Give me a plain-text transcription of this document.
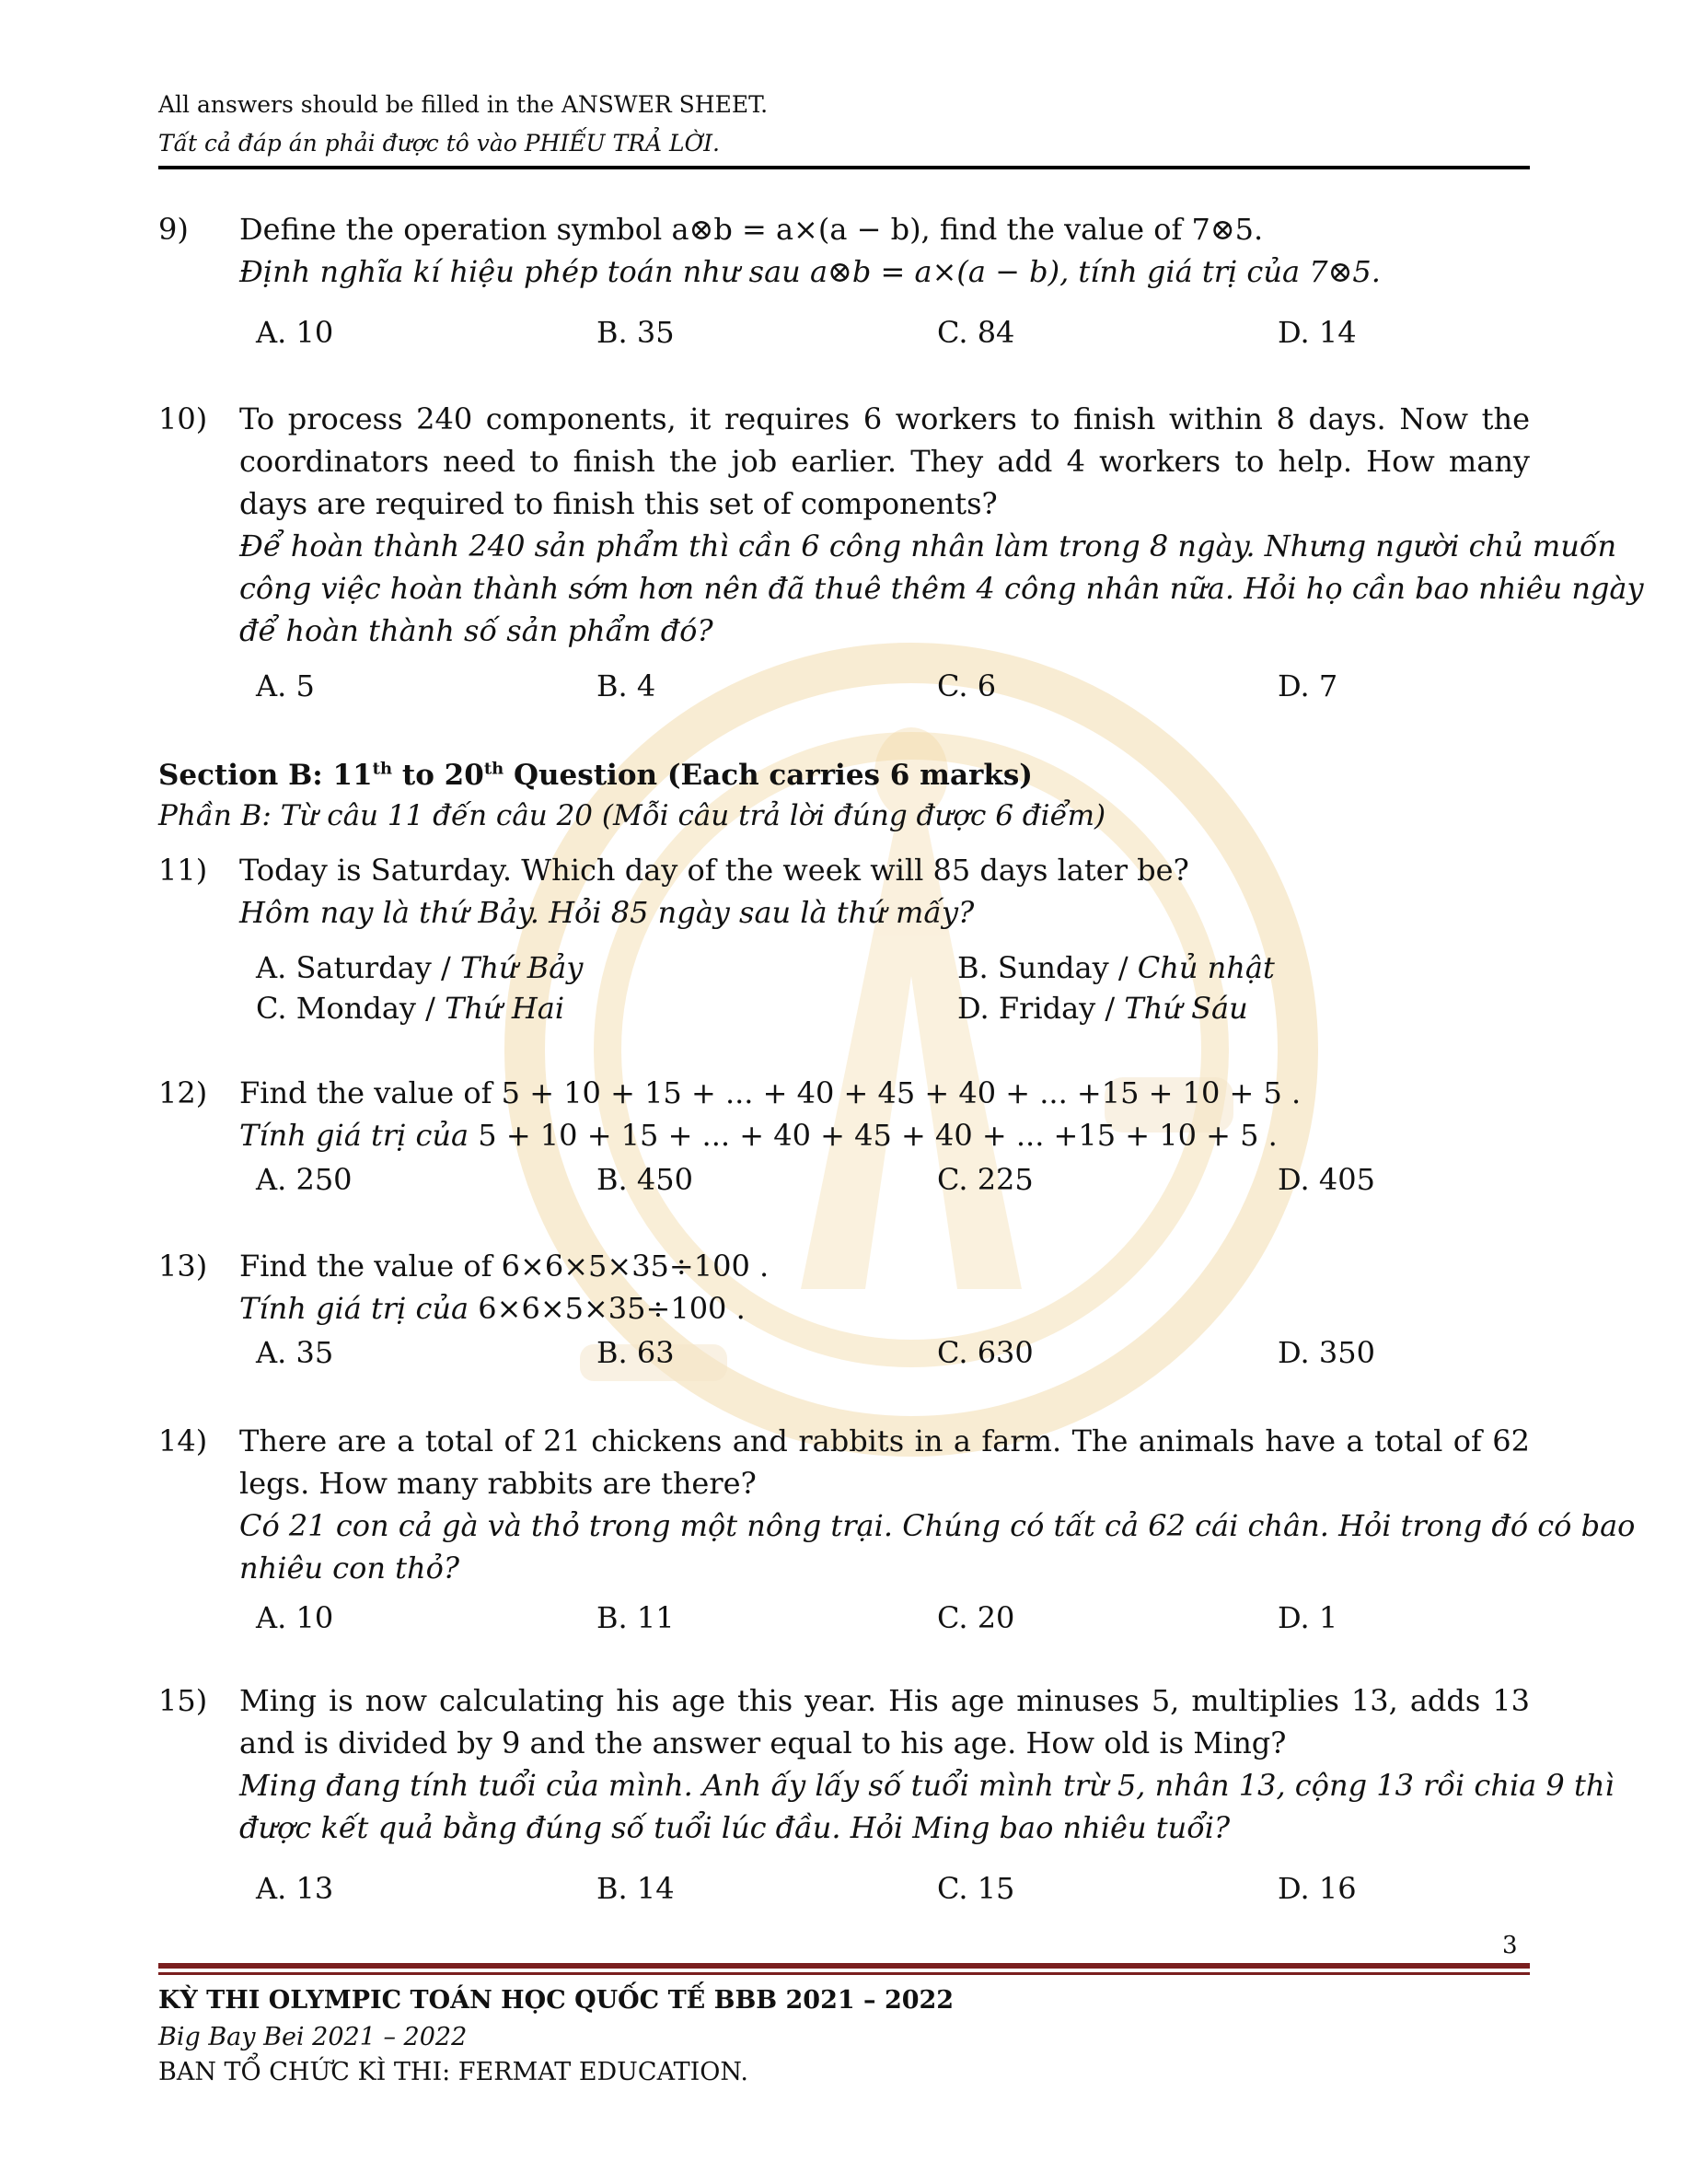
All answers should be filled in the ANSWER SHEET.
Tất cả đáp án phải được tô vào PHIẾU TRẢ LỜI.
9) Define the operation symbol a⊗b = a×(a − b), find the value of 7⊗5.
Định nghĩa kí hiệu phép toán như sau a⊗b = a×(a − b), tính giá trị của 7⊗5.
A. 10	B. 35	C. 84	D. 14
10) To process 240 components, it requires 6 workers to finish within 8 days. Now the
coordinators need to finish the job earlier. They add 4 workers to help. How many
days are required to finish this set of components?
Để hoàn thành 240 sản phẩm thì cần 6 công nhân làm trong 8 ngày. Nhưng người chủ muốn
công việc hoàn thành sớm hơn nên đã thuê thêm 4 công nhân nữa. Hỏi họ cần bao nhiêu ngày
để hoàn thành số sản phẩm đó?
A. 5	B. 4	C. 6	D. 7
Section B: 11th to 20th Question (Each carries 6 marks)
Phần B: Từ câu 11 đến câu 20 (Mỗi câu trả lời đúng được 6 điểm)
11) Today is Saturday. Which day of the week will 85 days later be?
Hôm nay là thứ Bảy. Hỏi 85 ngày sau là thứ mấy?
A. Saturday / Thứ Bảy	B. Sunday / Chủ nhật
C. Monday / Thứ Hai	D. Friday / Thứ Sáu
12) Find the value of 5 + 10 + 15 + ... + 40 + 45 + 40 + ... +15 + 10 + 5 .
Tính giá trị của 5 + 10 + 15 + ... + 40 + 45 + 40 + ... +15 + 10 + 5 .
A. 250	B. 450	C. 225	D. 405
13) Find the value of 6×6×5×35÷100 .
Tính giá trị của 6×6×5×35÷100 .
A. 35	B. 63	C. 630	D. 350
14) There are a total of 21 chickens and rabbits in a farm. The animals have a total of 62
legs. How many rabbits are there?
Có 21 con cả gà và thỏ trong một nông trại. Chúng có tất cả 62 cái chân. Hỏi trong đó có bao
nhiêu con thỏ?
A. 10	B. 11	C. 20	D. 1
15) Ming is now calculating his age this year. His age minuses 5, multiplies 13, adds 13
and is divided by 9 and the answer equal to his age. How old is Ming?
Ming đang tính tuổi của mình. Anh ấy lấy số tuổi mình trừ 5, nhân 13, cộng 13 rồi chia 9 thì
được kết quả bằng đúng số tuổi lúc đầu. Hỏi Ming bao nhiêu tuổi?
A. 13	B. 14	C. 15	D. 16
3
KỲ THI OLYMPIC TOÁN HỌC QUỐC TẾ BBB 2021 – 2022
Big Bay Bei 2021 – 2022
BAN TỔ CHỨC KÌ THI: FERMAT EDUCATION.
